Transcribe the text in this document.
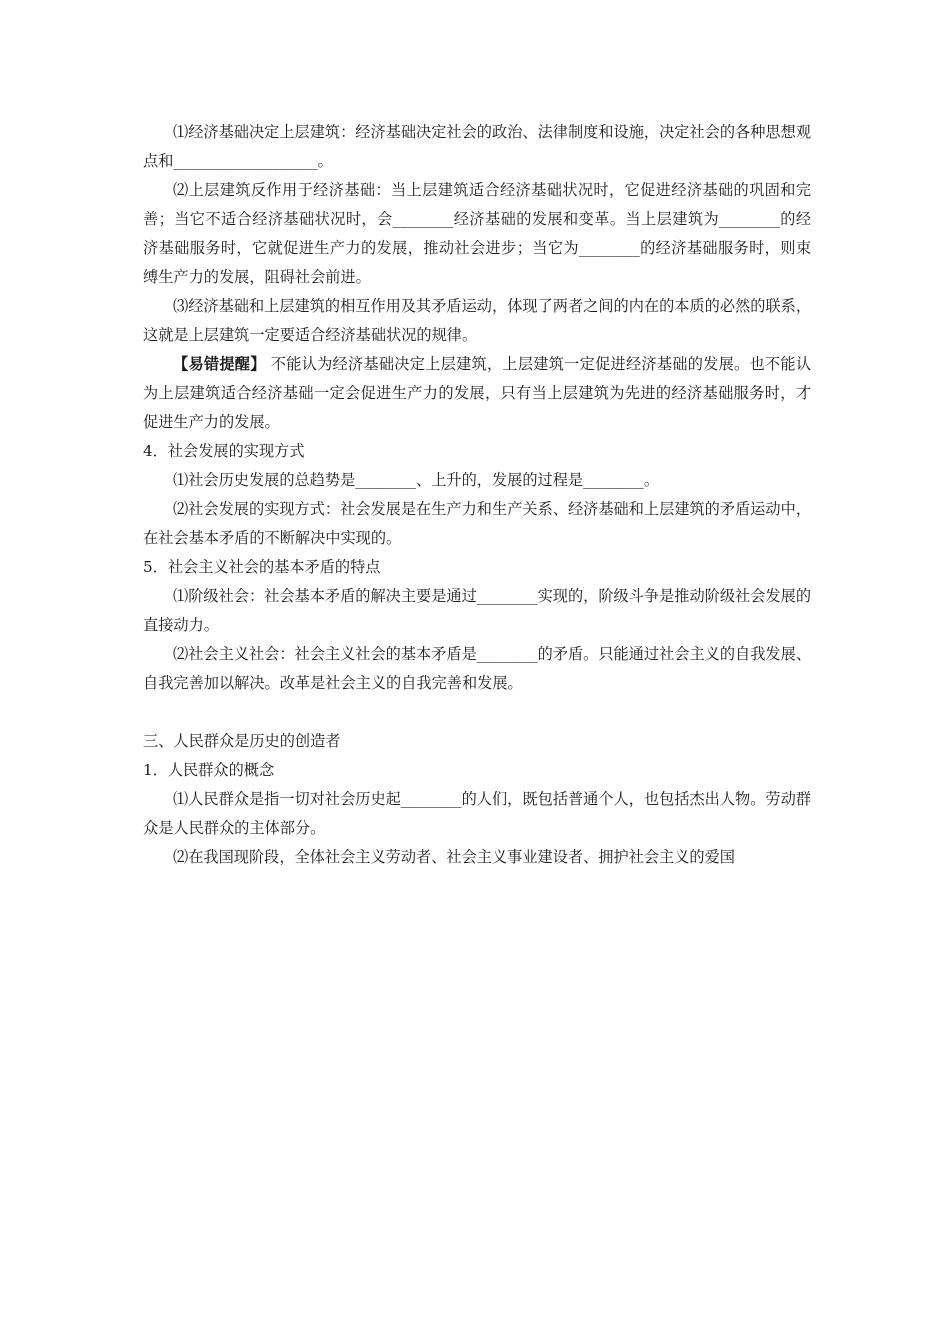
⑴经济基础决定上层建筑：经济基础决定社会的政治、法律制度和设施，决定社会的各种思想观点和___________________。

⑵上层建筑反作用于经济基础：当上层建筑适合经济基础状况时，它促进经济基础的巩固和完善；当它不适合经济基础状况时，会________经济基础的发展和变革。当上层建筑为________的经济基础服务时，它就促进生产力的发展，推动社会进步；当它为________的经济基础服务时，则束缚生产力的发展，阻碍社会前进。

⑶经济基础和上层建筑的相互作用及其矛盾运动，体现了两者之间的内在的本质的必然的联系，这就是上层建筑一定要适合经济基础状况的规律。

【易错提醒】 不能认为经济基础决定上层建筑，上层建筑一定促进经济基础的发展。也不能认为上层建筑适合经济基础一定会促进生产力的发展，只有当上层建筑为先进的经济基础服务时，才促进生产力的发展。

4．社会发展的实现方式

⑴社会历史发展的总趋势是________、上升的，发展的过程是________。

⑵社会发展的实现方式：社会发展是在生产力和生产关系、经济基础和上层建筑的矛盾运动中，在社会基本矛盾的不断解决中实现的。

5．社会主义社会的基本矛盾的特点

⑴阶级社会：社会基本矛盾的解决主要是通过________实现的，阶级斗争是推动阶级社会发展的直接动力。

⑵社会主义社会：社会主义社会的基本矛盾是________的矛盾。只能通过社会主义的自我发展、自我完善加以解决。改革是社会主义的自我完善和发展。

三、人民群众是历史的创造者

1．人民群众的概念

⑴人民群众是指一切对社会历史起________的人们，既包括普通个人，也包括杰出人物。劳动群众是人民群众的主体部分。

⑵在我国现阶段，全体社会主义劳动者、社会主义事业建设者、拥护社会主义的爱国
